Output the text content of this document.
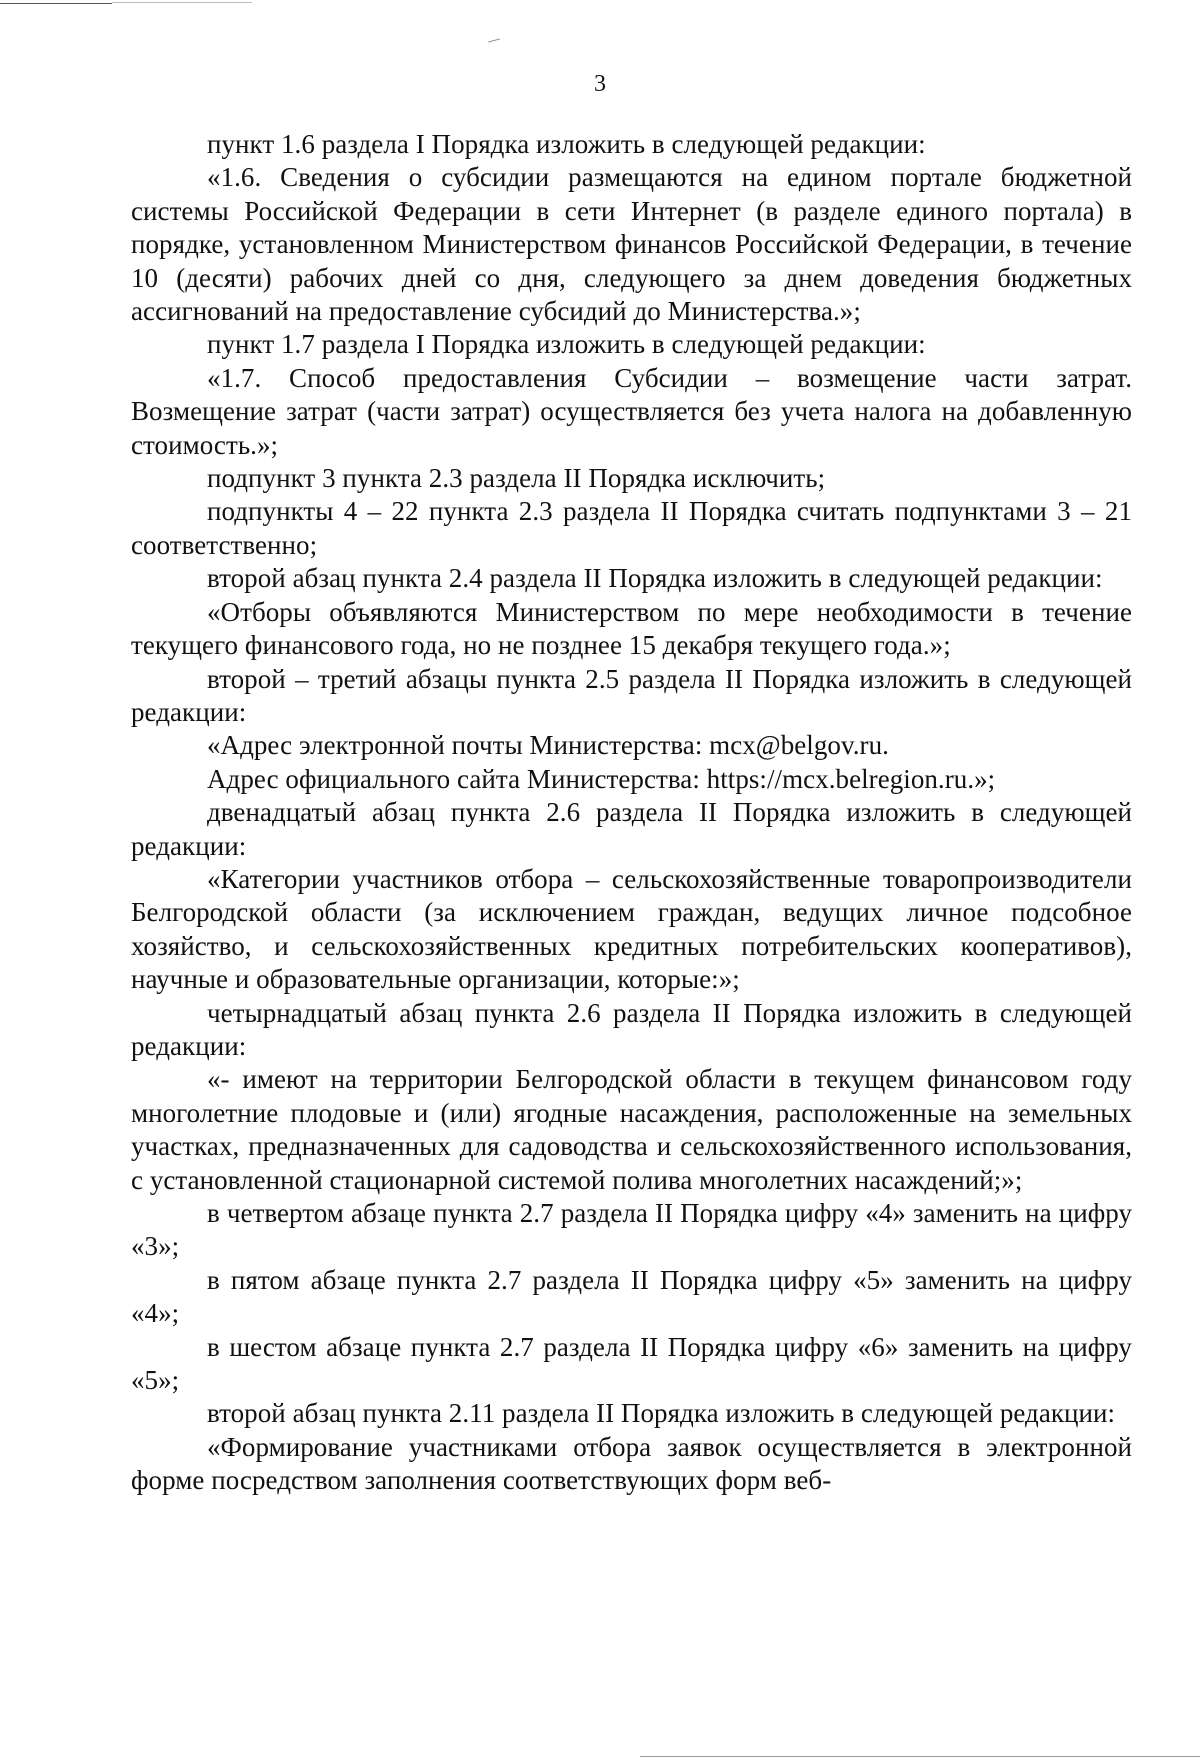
3

пункт 1.6 раздела I Порядка изложить в следующей редакции:

«1.6. Сведения о субсидии размещаются на едином портале бюджетной системы Российской Федерации в сети Интернет (в разделе единого портала) в порядке, установленном Министерством финансов Российской Федерации, в течение 10 (десяти) рабочих дней со дня, следующего за днем доведения бюджетных ассигнований на предоставление субсидий до Министерства.»;

пункт 1.7 раздела I Порядка изложить в следующей редакции:

«1.7. Способ предоставления Субсидии – возмещение части затрат. Возмещение затрат (части затрат) осуществляется без учета налога на добавленную стоимость.»;

подпункт 3 пункта 2.3 раздела II Порядка исключить;

подпункты 4 – 22 пункта 2.3 раздела II Порядка считать подпунктами 3 – 21 соответственно;

второй абзац пункта 2.4 раздела II Порядка изложить в следующей редакции:

«Отборы объявляются Министерством по мере необходимости в течение текущего финансового года, но не позднее 15 декабря текущего года.»;

второй – третий абзацы пункта 2.5 раздела II Порядка изложить в следующей редакции:

«Адрес электронной почты Министерства: mcx@belgov.ru.

Адрес официального сайта Министерства: https://mcx.belregion.ru.»;

двенадцатый абзац пункта 2.6 раздела II Порядка изложить в следующей редакции:

«Категории участников отбора – сельскохозяйственные товаропроизводители Белгородской области (за исключением граждан, ведущих личное подсобное хозяйство, и сельскохозяйственных кредитных потребительских кооперативов), научные и образовательные организации, которые:»;

четырнадцатый абзац пункта 2.6 раздела II Порядка изложить в следующей редакции:

«- имеют на территории Белгородской области в текущем финансовом году многолетние плодовые и (или) ягодные насаждения, расположенные на земельных участках, предназначенных для садоводства и сельскохозяйственного использования, с установленной стационарной системой полива многолетних насаждений;»;

в четвертом абзаце пункта 2.7 раздела II Порядка цифру «4» заменить на цифру «3»;

в пятом абзаце пункта 2.7 раздела II Порядка цифру «5» заменить на цифру «4»;

в шестом абзаце пункта 2.7 раздела II Порядка цифру «6» заменить на цифру «5»;

второй абзац пункта 2.11 раздела II Порядка изложить в следующей редакции:

«Формирование участниками отбора заявок осуществляется в электронной форме посредством заполнения соответствующих форм веб-
